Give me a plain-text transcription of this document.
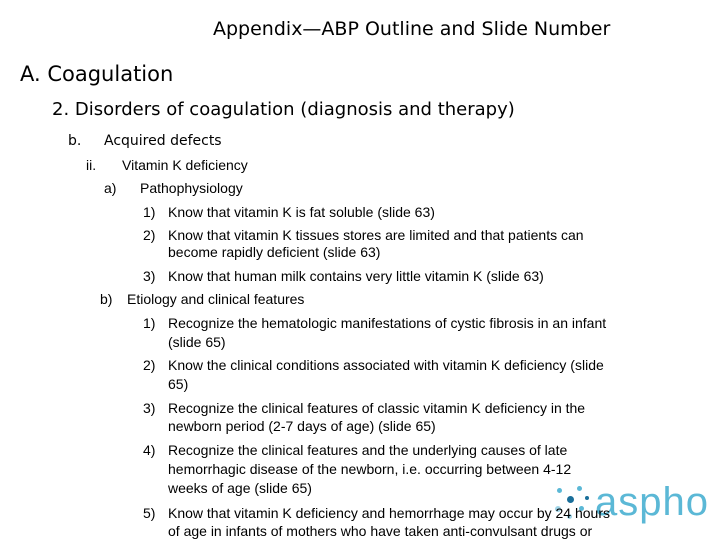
Appendix—ABP Outline and Slide Number
A. Coagulation
2. Disorders of coagulation (diagnosis and therapy)
b. Acquired defects
ii. Vitamin K deficiency
a) Pathophysiology
1) Know that vitamin K is fat soluble (slide 63)
2) Know that vitamin K tissues stores are limited and that patients can
become rapidly deficient (slide 63)
3) Know that human milk contains very little vitamin K (slide 63)
b) Etiology and clinical features
1) Recognize the hematologic manifestations of cystic fibrosis in an infant
(slide 65)
2) Know the clinical conditions associated with vitamin K deficiency (slide
65)
3) Recognize the clinical features of classic vitamin K deficiency in the
newborn period (2-7 days of age) (slide 65)
4) Recognize the clinical features and the underlying causes of late
hemorrhagic disease of the newborn, i.e. occurring between 4-12
weeks of age (slide 65)	aspho
5) Know that vitamin K deficiency and hemorrhage may occur by 24 hours
of age in infants of mothers who have taken anti-convulsant drugs or
